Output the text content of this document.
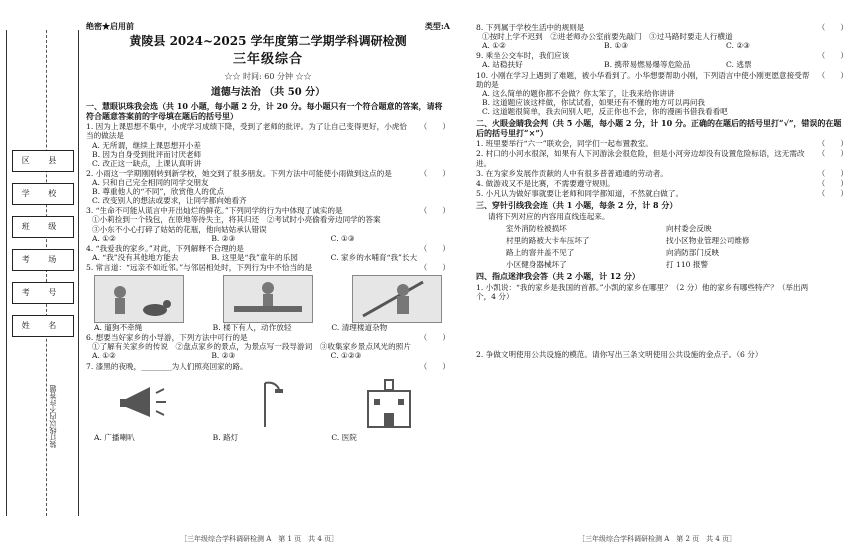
区 县
学 校
班 级
考 场
考 号
姓 名
装订线以内不许答题
绝密★启用前	类型:A
黄陵县 2024~2025 学年度第二学期学科调研检测
三年级综合
☆☆ 时间: 60 分钟 ☆☆
道德与法治 （共 50 分）
一、慧眼识珠我会选（共 10 小题，每小题 2 分，计 20 分。每小题只有一个符合题意的答案，请将符合题意答案前的字母填在题后的括号里）
1. 因为上课思想不集中，小虎学习成绩下降，受到了老师的批评。为了让自己变得更好，小虎恰当的做法是
（　　）
A. 无所谓，继续上课思想开小差
B. 因为自身受到批评而讨厌老师
C. 改正这一缺点，上课认真听讲
2. 小雨这一学期刚刚转到新学校，她交到了很多朋友。下列方法中可能使小雨做到这点的是	（　　）
A. 只和自己完全相同的同学交朋友
B. 尊重他人的“不同”，欣赏他人的优点
C. 改变别人的想法或要求，让同学都向她看齐
3. “生命不可能从谎言中开出灿烂的鲜花。”下列同学的行为中体现了诚实的是	（　　）
①小莉捡到一个钱包，在原地等待失主，将其归还　②考试时小亮偷看旁边同学的答案
③小东不小心打碎了姑姑的花瓶，他向姑姑承认错误
A. ①②	B. ②③	C. ①③
4. “我爱我的家乡。”对此，下列解释不合理的是	（　　）
A. “我”没有其他地方能去	B. 这里是“我”童年的乐园	C. 家乡的水哺育“我”长大
5. 常言道：“远亲不如近邻。”与邻居相处时，下列行为中不恰当的是	（　　）
A. 遛狗不牵绳	B. 楼下有人，动作放轻	C. 清理楼道杂物
6. 想要当好家乡的小导游，下列方法中可行的是	（　　）
①了解有关家乡的传说　②盘点家乡的景点，为景点写一段导游词　③收集家乡景点风光的照片
A. ①②	B. ②③	C. ①②③
7. 漆黑的夜晚，________为人们照亮回家的路。	（　　）
A. 广播喇叭	B. 路灯	C. 医院
8. 下列属于学校生活中的规则是	（　　）
①按时上学不迟到　②进老师办公室前要先敲门　③过马路时要走人行横道
A. ①②	B. ①③	C. ②③
9. 乘坐公交车时，我们应该	（　　）
A. 站稳扶好	B. 携带易燃易爆等危险品	C. 逃票
10. 小刚在学习上遇到了难题，被小华看到了。小华想要帮助小刚，下列语言中使小刚更愿意接受帮助的是
（　　）
A. 这么简单的题你都不会做？你太笨了，让我来给你讲讲
B. 这道题应该这样做，你试试看，如果还有不懂的地方可以再问我
C. 这道题很简单，我去问别人吧，反正你也不会，你的漫画书借我看看吧
二、火眼金睛我会判（共 5 小题，每小题 2 分，计 10 分。正确的在题后的括号里打“√”，错误的在题后的括号里打“×”）
1. 班里要举行“六一”联欢会，同学们一起布置教室。	（　　）
2. 村口的小河水很深，如果有人下河游泳会很危险，但是小河旁边却没有设置危险标语，这无需改进。
（　　）
3. 在为家乡发展作贡献的人中有很多普普通通的劳动者。	（　　）
4. 做游戏又不是比赛，不需要遵守规则。	（　　）
5. 小凡认为做好事就要让老师和同学都知道，不然就白做了。	（　　）
三、穿针引线我会连（共 1 小题，每条 2 分，计 8 分）
请将下列对应的内容用直线连起来。
室外消防栓被损坏	向村委会反映
村里的路被大卡车压坏了	找小区物业管理公司维修
路上的窨井盖不见了	向消防部门反映
小区健身器械坏了	打 110 报警
四、指点迷津我会答（共 2 小题，计 12 分）
1. 小凯说：“我的家乡是我国的首都。”小凯的家乡在哪里？（2 分）他的家乡有哪些特产？（举出两个，4 分）
2. 争做文明使用公共设施的模范。请你写出三条文明使用公共设施的金点子。（6 分）
［三年级综合学科调研检测 A　第 1 页　共 4 页］	［三年级综合学科调研检测 A　第 2 页　共 4 页］
